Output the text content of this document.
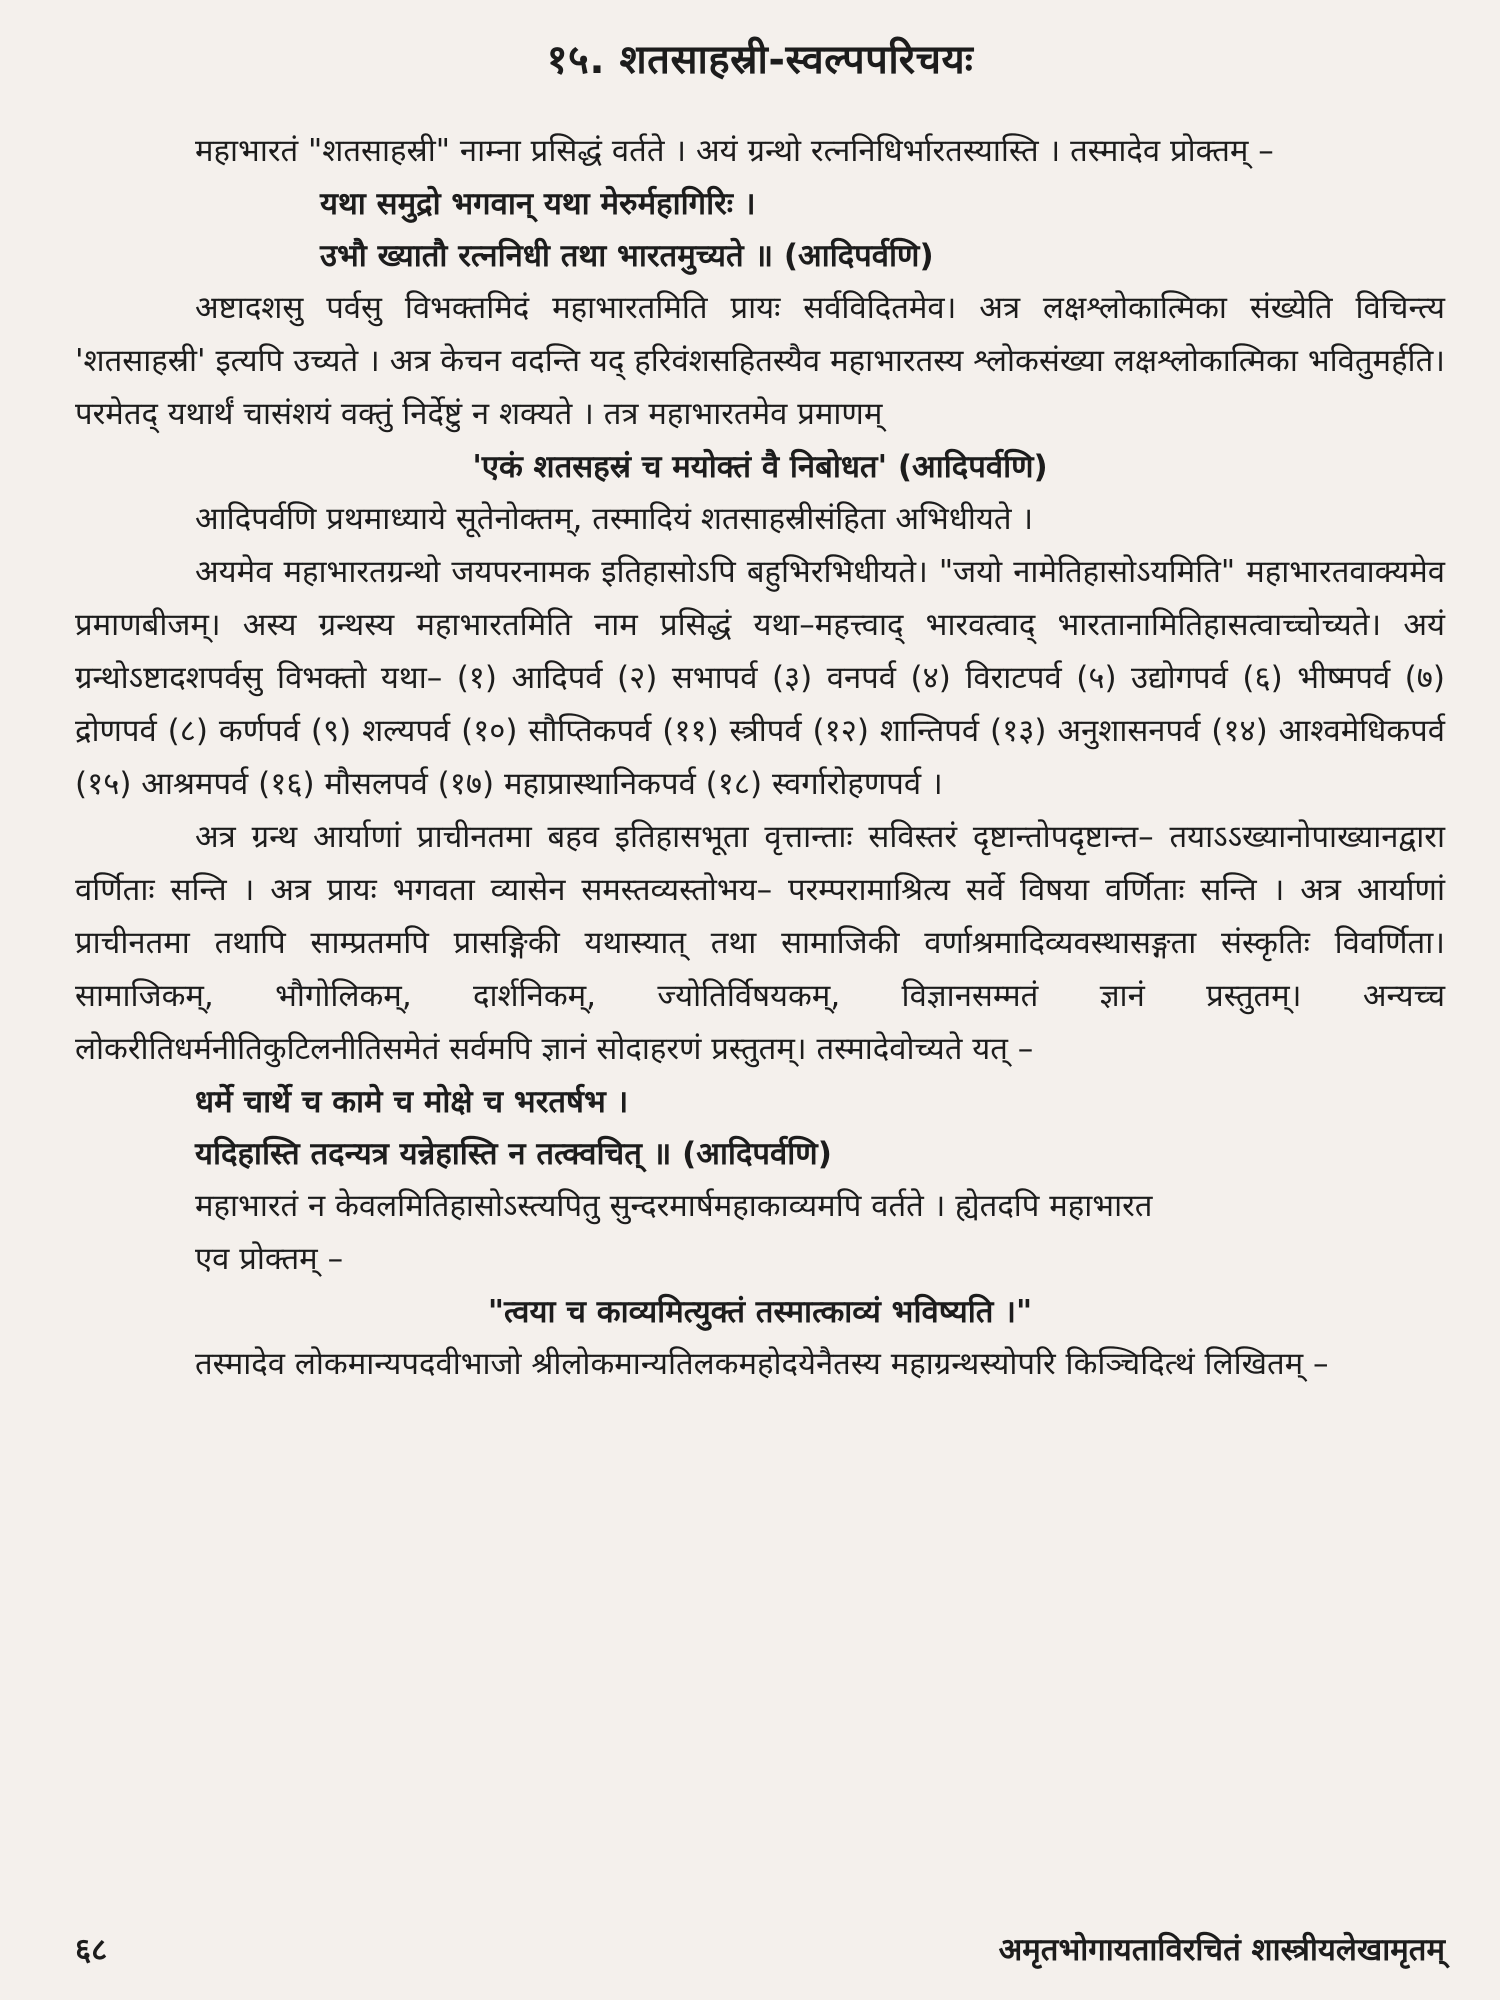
१५. शतसाहस्री-स्वल्पपरिचयः

महाभारतं "शतसाहस्री" नाम्ना प्रसिद्धं वर्तते । अयं ग्रन्थो रत्ननिधिर्भारतस्यास्ति । तस्मादेव प्रोक्तम् –

यथा समुद्रो भगवान् यथा मेरुर्महागिरिः ।
उभौ ख्यातौ रत्ननिधी तथा भारतमुच्यते ॥ (आदिपर्वणि)

अष्टादशसु पर्वसु विभक्तमिदं महाभारतमिति प्रायः सर्वविदितमेव। अत्र लक्षश्लोकात्मिका संख्येति विचिन्त्य 'शतसाहस्री' इत्यपि उच्यते । अत्र केचन वदन्ति यद् हरिवंशसहितस्यैव महाभारतस्य श्लोकसंख्या लक्षश्लोकात्मिका भवितुमर्हति। परमेतद् यथार्थं चासंशयं वक्तुं निर्देष्टुं न शक्यते । तत्र महाभारतमेव प्रमाणम्

'एकं शतसहस्रं च मयोक्तं वै निबोधत' (आदिपर्वणि)

आदिपर्वणि प्रथमाध्याये सूतेनोक्तम्, तस्मादियं शतसाहस्रीसंहिता अभिधीयते ।

अयमेव महाभारतग्रन्थो जयपरनामक इतिहासोऽपि बहुभिरभिधीयते। "जयो नामेतिहासोऽयमिति" महाभारतवाक्यमेव प्रमाणबीजम्। अस्य ग्रन्थस्य महाभारतमिति नाम प्रसिद्धं यथा–महत्त्वाद् भारवत्वाद् भारतानामितिहासत्वाच्चोच्यते। अयं ग्रन्थोऽष्टादशपर्वसु विभक्तो यथा– (१) आदिपर्व (२) सभापर्व (३) वनपर्व (४) विराटपर्व (५) उद्योगपर्व (६) भीष्मपर्व (७) द्रोणपर्व (८) कर्णपर्व (९) शल्यपर्व (१०) सौप्तिकपर्व (११) स्त्रीपर्व (१२) शान्तिपर्व (१३) अनुशासनपर्व (१४) आश्वमेधिकपर्व (१५) आश्रमपर्व (१६) मौसलपर्व (१७) महाप्रास्थानिकपर्व (१८) स्वर्गारोहणपर्व ।

अत्र ग्रन्थ आर्याणां प्राचीनतमा बहव इतिहासभूता वृत्तान्ताः सविस्तरं दृष्टान्तोपदृष्टान्त– तयाऽऽख्यानोपाख्यानद्वारा वर्णिताः सन्ति । अत्र प्रायः भगवता व्यासेन समस्तव्यस्तोभय– परम्परामाश्रित्य सर्वे विषया वर्णिताः सन्ति । अत्र आर्याणां प्राचीनतमा तथापि साम्प्रतमपि प्रासङ्गिकी यथास्यात् तथा सामाजिकी वर्णाश्रमादिव्यवस्थासङ्गता संस्कृतिः विवर्णिता। सामाजिकम्, भौगोलिकम्, दार्शनिकम्, ज्योतिर्विषयकम्, विज्ञानसम्मतं ज्ञानं प्रस्तुतम्। अन्यच्च लोकरीतिधर्मनीतिकुटिलनीतिसमेतं सर्वमपि ज्ञानं सोदाहरणं प्रस्तुतम्। तस्मादेवोच्यते यत् –

धर्मे चार्थे च कामे च मोक्षे च भरतर्षभ ।
यदिहास्ति तदन्यत्र यन्नेहास्ति न तत्क्वचित् ॥ (आदिपर्वणि)

महाभारतं न केवलमितिहासोऽस्त्यपितु सुन्दरमार्षमहाकाव्यमपि वर्तते । ह्येतदपि महाभारत

एव प्रोक्तम् –

"त्वया च काव्यमित्युक्तं तस्मात्काव्यं भविष्यति ।"

तस्मादेव लोकमान्यपदवीभाजो श्रीलोकमान्यतिलकमहोदयेनैतस्य महाग्रन्थस्योपरि किञ्चिदित्थं लिखितम् –

६८	अमृतभोगायताविरचितं शास्त्रीयलेखामृतम्
